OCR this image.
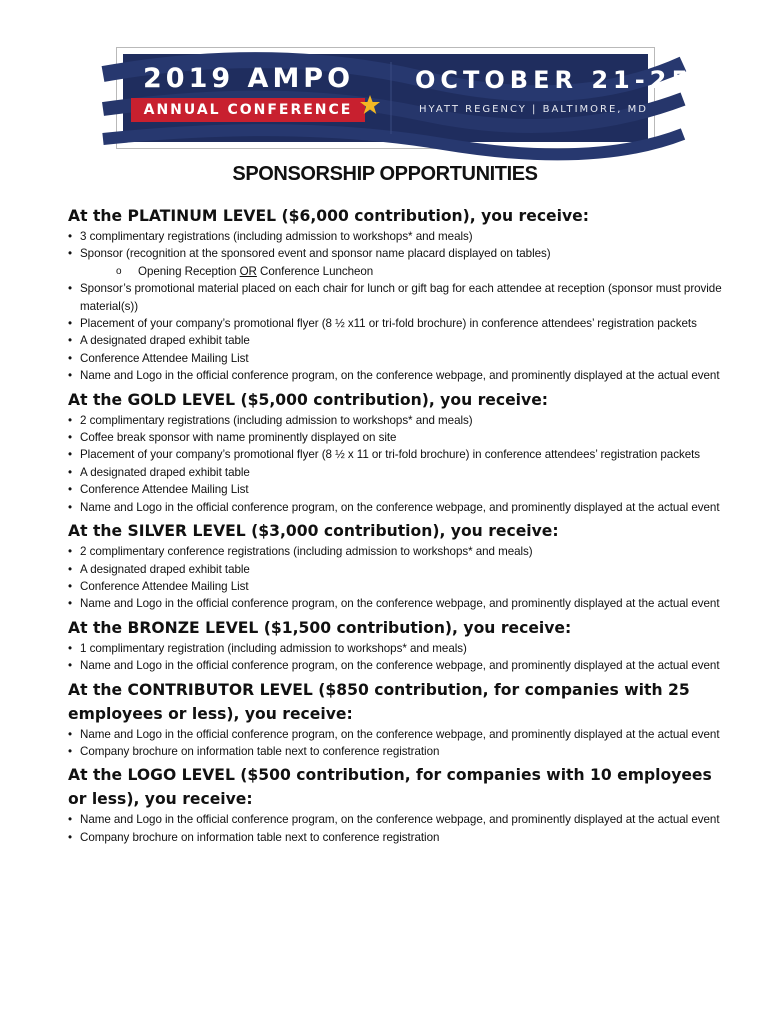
2019 AMPO
ANNUAL CONFERENCE
OCTOBER 21-25
HYATT REGENCY | BALTIMORE, MD
SPONSORSHIP OPPORTUNITIES
At the PLATINUM LEVEL ($6,000 contribution), you receive:
• 3 complimentary registrations (including admission to workshops* and meals)
• Sponsor (recognition at the sponsored event and sponsor name placard displayed on tables)
o Opening Reception OR Conference Luncheon
• Sponsor’s promotional material placed on each chair for lunch or gift bag for each attendee at reception (sponsor must provide material(s))
• Placement of your company’s promotional flyer (8 ½ x11 or tri-fold brochure) in conference attendees’ registration packets
• A designated draped exhibit table
• Conference Attendee Mailing List
• Name and Logo in the official conference program, on the conference webpage, and prominently displayed at the actual event
At the GOLD LEVEL ($5,000 contribution), you receive:
• 2 complimentary registrations (including admission to workshops* and meals)
• Coffee break sponsor with name prominently displayed on site
• Placement of your company’s promotional flyer (8 ½ x 11 or tri-fold brochure) in conference attendees’ registration packets
• A designated draped exhibit table
• Conference Attendee Mailing List
• Name and Logo in the official conference program, on the conference webpage, and prominently displayed at the actual event
At the SILVER LEVEL ($3,000 contribution), you receive:
• 2 complimentary conference registrations (including admission to workshops* and meals)
• A designated draped exhibit table
• Conference Attendee Mailing List
• Name and Logo in the official conference program, on the conference webpage, and prominently displayed at the actual event
At the BRONZE LEVEL ($1,500 contribution), you receive:
• 1 complimentary registration (including admission to workshops* and meals)
• Name and Logo in the official conference program, on the conference webpage, and prominently displayed at the actual event
At the CONTRIBUTOR LEVEL ($850 contribution, for companies with 25 employees or less), you receive:
• Name and Logo in the official conference program, on the conference webpage, and prominently displayed at the actual event
• Company brochure on information table next to conference registration
At the LOGO LEVEL ($500 contribution, for companies with 10 employees or less), you receive:
• Name and Logo in the official conference program, on the conference webpage, and prominently displayed at the actual event
• Company brochure on information table next to conference registration
